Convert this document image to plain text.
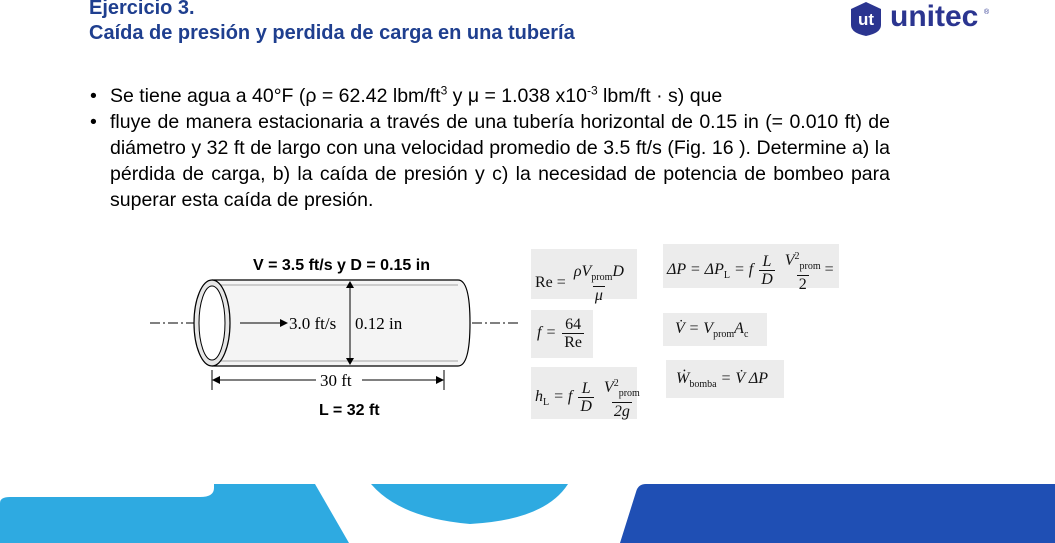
Ejercicio 3.
Caída de presión y perdida de carga en una tubería
ut unitec ®
• Se tiene agua a 40°F (ρ = 62.42 lbm/$ft^3$ y μ = 1.038 $x10^{-3}$ lbm/ft · s) que
• fluye de manera estacionaria a través de una tubería horizontal de 0.15 in (= 0.010 ft) de diámetro y 32 ft de largo con una velocidad promedio de 3.5 ft/s (Fig. 16 ). Determine a) la pérdida de carga, b) la caída de presión y c) la necesidad de potencia de bombeo para superar esta caída de presión.
V = 3.5 ft/s y D = 0.15 in
3.0 ft/s 0.12 in
30 ft
L = 32 ft
$Re = \frac{\rho V_{prom}D}{\mu}$	$\Delta P = \Delta P_L = f \frac{L}{D}$
$\frac{V^2_{prom}}{2}$ =
$f = \frac{64}{Re}$	V̇ = $V_{prom}A_c$
$h_L = f \frac{L}{D}$
$\frac{V^2_{prom}}{2g}$ Ẇ$_{bomba}$ = V̇ ΔP
